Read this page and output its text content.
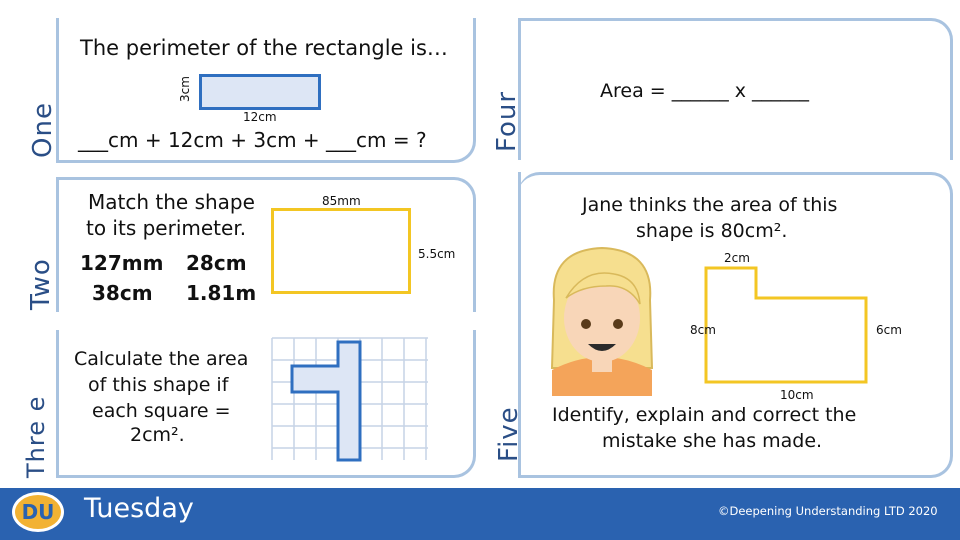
One
The perimeter of the rectangle is…
3cm
12cm
___cm + 12cm + 3cm + ___cm = ?	Four	Area = ______ x ______
Two
Match the shape
to its perimeter.
127mm 28cm
38cm 1.81m
85mm
5.5cm
Thre e
Calculate the area
of this shape if
each square =
2cm².	Five
Jane thinks the area of this
shape is 80cm².
2cm
8cm	6cm
10cm
Identify, explain and correct the
mistake she has made.
DU	Tuesday	©Deepening Understanding LTD 2020
